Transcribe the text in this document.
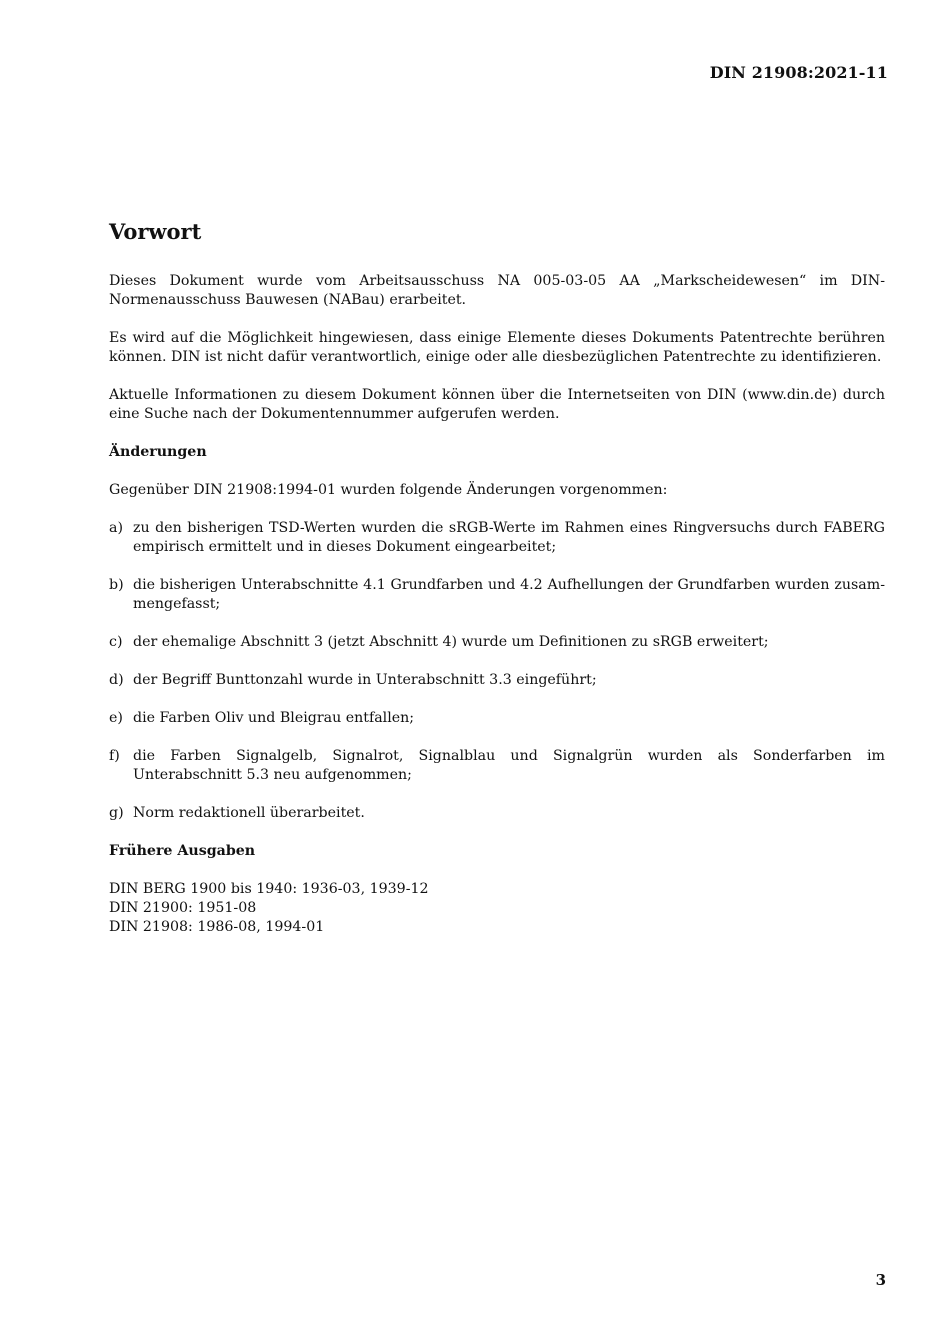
DIN 21908:2021-11
Vorwort

Dieses Dokument wurde vom Arbeitsausschuss NA 005-03-05 AA „Markscheidewesen“ im DIN-Normenausschuss Bauwesen (NABau) erarbeitet.

Es wird auf die Möglichkeit hingewiesen, dass einige Elemente dieses Dokuments Patentrechte berühren können. DIN ist nicht dafür verantwortlich, einige oder alle diesbezüglichen Patentrechte zu identifizieren.

Aktuelle Informationen zu diesem Dokument können über die Internetseiten von DIN (www.din.de) durch eine Suche nach der Dokumentennummer aufgerufen werden.

Änderungen

Gegenüber DIN 21908:1994-01 wurden folgende Änderungen vorgenommen:

a) zu den bisherigen TSD-Werten wurden die sRGB-Werte im Rahmen eines Ringversuchs durch FABERG empirisch ermittelt und in dieses Dokument eingearbeitet;
b) die bisherigen Unterabschnitte 4.1 Grundfarben und 4.2 Aufhellungen der Grundfarben wurden zusammengefasst;
c) der ehemalige Abschnitt 3 (jetzt Abschnitt 4) wurde um Definitionen zu sRGB erweitert;
d) der Begriff Bunttonzahl wurde in Unterabschnitt 3.3 eingeführt;
e) die Farben Oliv und Bleigrau entfallen;
f) die Farben Signalgelb, Signalrot, Signalblau und Signalgrün wurden als Sonderfarben im Unterabschnitt 5.3 neu aufgenommen;
g) Norm redaktionell überarbeitet.
Frühere Ausgaben

DIN BERG 1900 bis 1940: 1936-03, 1939-12

DIN 21900: 1951-08

DIN 21908: 1986-08, 1994-01

3
